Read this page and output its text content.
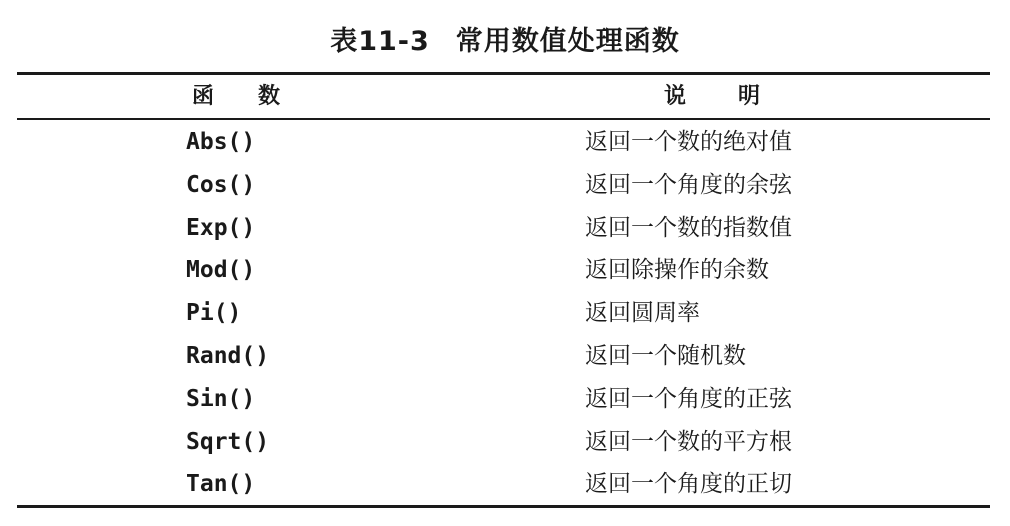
表11-3 常用数值处理函数
函数	说明
Abs()	返回一个数的绝对值
Cos()	返回一个角度的余弦
Exp()	返回一个数的指数值
Mod()	返回除操作的余数
Pi()	返回圆周率
Rand()	返回一个随机数
Sin()	返回一个角度的正弦
Sqrt()	返回一个数的平方根
Tan()	返回一个角度的正切
